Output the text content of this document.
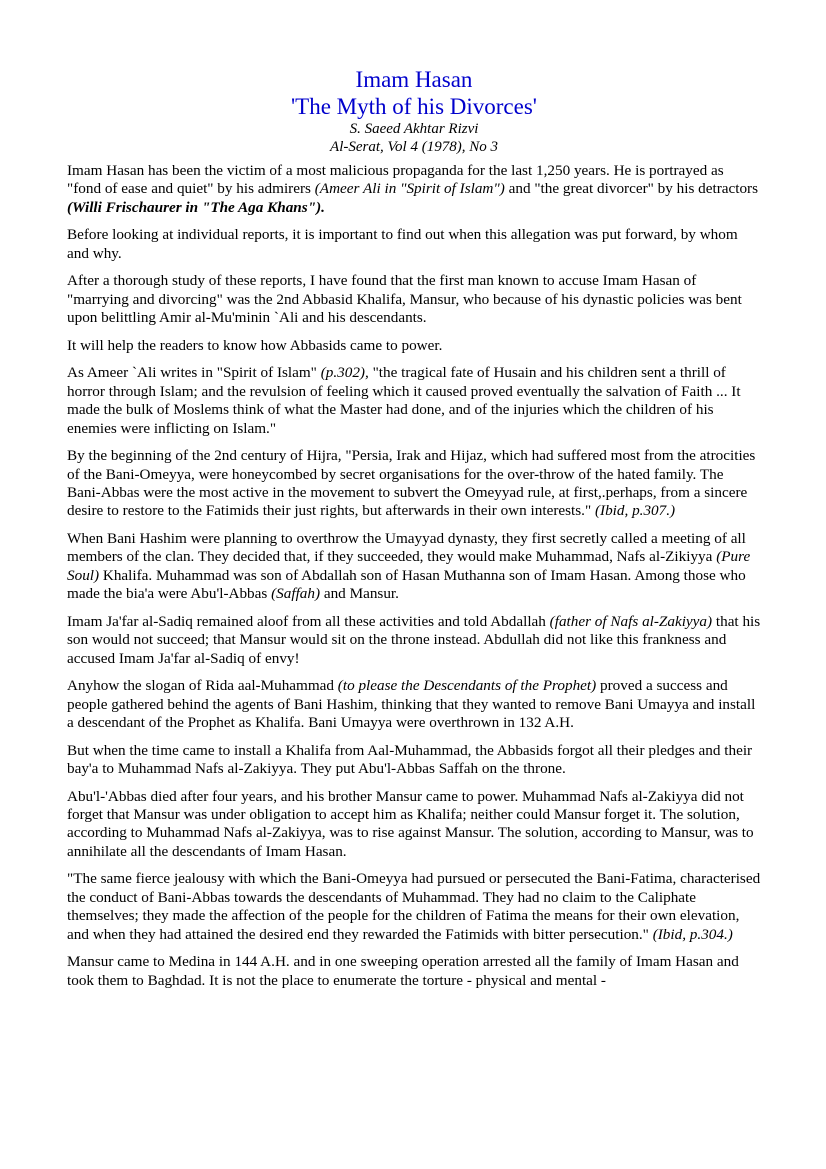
Imam Hasan
'The Myth of his Divorces'

S. Saeed Akhtar Rizvi

Al-Serat, Vol 4 (1978), No 3

Imam Hasan has been the victim of a most malicious propaganda for the last 1,250 years. He is portrayed as "fond of ease and quiet" by his admirers (Ameer Ali in "Spirit of Islam") and "the great divorcer" by his detractors (Willi Frischaurer in "The Aga Khans").

Before looking at individual reports, it is important to find out when this allegation was put forward, by whom and why.

After a thorough study of these reports, I have found that the first man known to accuse Imam Hasan of "marrying and divorcing" was the 2nd Abbasid Khalifa, Mansur, who because of his dynastic policies was bent upon belittling Amir al-Mu'minin `Ali and his descendants.

It will help the readers to know how Abbasids came to power.

As Ameer `Ali writes in "Spirit of Islam" (p.302), "the tragical fate of Husain and his children sent a thrill of horror through Islam; and the revulsion of feeling which it caused proved eventually the salvation of Faith ... It made the bulk of Moslems think of what the Master had done, and of the injuries which the children of his enemies were inflicting on Islam."

By the beginning of the 2nd century of Hijra, "Persia, Irak and Hijaz, which had suffered most from the atrocities of the Bani-Omeyya, were honeycombed by secret organisations for the over-throw of the hated family. The Bani-Abbas were the most active in the movement to subvert the Omeyyad rule, at first,.perhaps, from a sincere desire to restore to the Fatimids their just rights, but afterwards in their own interests." (Ibid, p.307.)

When Bani Hashim were planning to overthrow the Umayyad dynasty, they first secretly called a meeting of all members of the clan. They decided that, if they succeeded, they would make Muhammad, Nafs al-Zikiyya (Pure Soul) Khalifa. Muhammad was son of Abdallah son of Hasan Muthanna son of Imam Hasan. Among those who made the bia'a were Abu'l-Abbas (Saffah) and Mansur.

Imam Ja'far al-Sadiq remained aloof from all these activities and told Abdallah (father of Nafs al-Zakiyya) that his son would not succeed; that Mansur would sit on the throne instead. Abdullah did not like this frankness and accused Imam Ja'far al-Sadiq of envy!

Anyhow the slogan of Rida aal-Muhammad (to please the Descendants of the Prophet) proved a success and people gathered behind the agents of Bani Hashim, thinking that they wanted to remove Bani Umayya and install a descendant of the Prophet as Khalifa. Bani Umayya were overthrown in 132 A.H.

But when the time came to install a Khalifa from Aal-Muhammad, the Abbasids forgot all their pledges and their bay'a to Muhammad Nafs al-Zakiyya. They put Abu'l-Abbas Saffah on the throne.

Abu'l-'Abbas died after four years, and his brother Mansur came to power. Muhammad Nafs al-Zakiyya did not forget that Mansur was under obligation to accept him as Khalifa; neither could Mansur forget it. The solution, according to Muhammad Nafs al-Zakiyya, was to rise against Mansur. The solution, according to Mansur, was to annihilate all the descendants of Imam Hasan.

"The same fierce jealousy with which the Bani-Omeyya had pursued or persecuted the Bani-Fatima, characterised the conduct of Bani-Abbas towards the descendants of Muhammad. They had no claim to the Caliphate themselves; they made the affection of the people for the children of Fatima the means for their own elevation, and when they had attained the desired end they rewarded the Fatimids with bitter persecution." (Ibid, p.304.)

Mansur came to Medina in 144 A.H. and in one sweeping operation arrested all the family of Imam Hasan and took them to Baghdad. It is not the place to enumerate the torture - physical and mental -
